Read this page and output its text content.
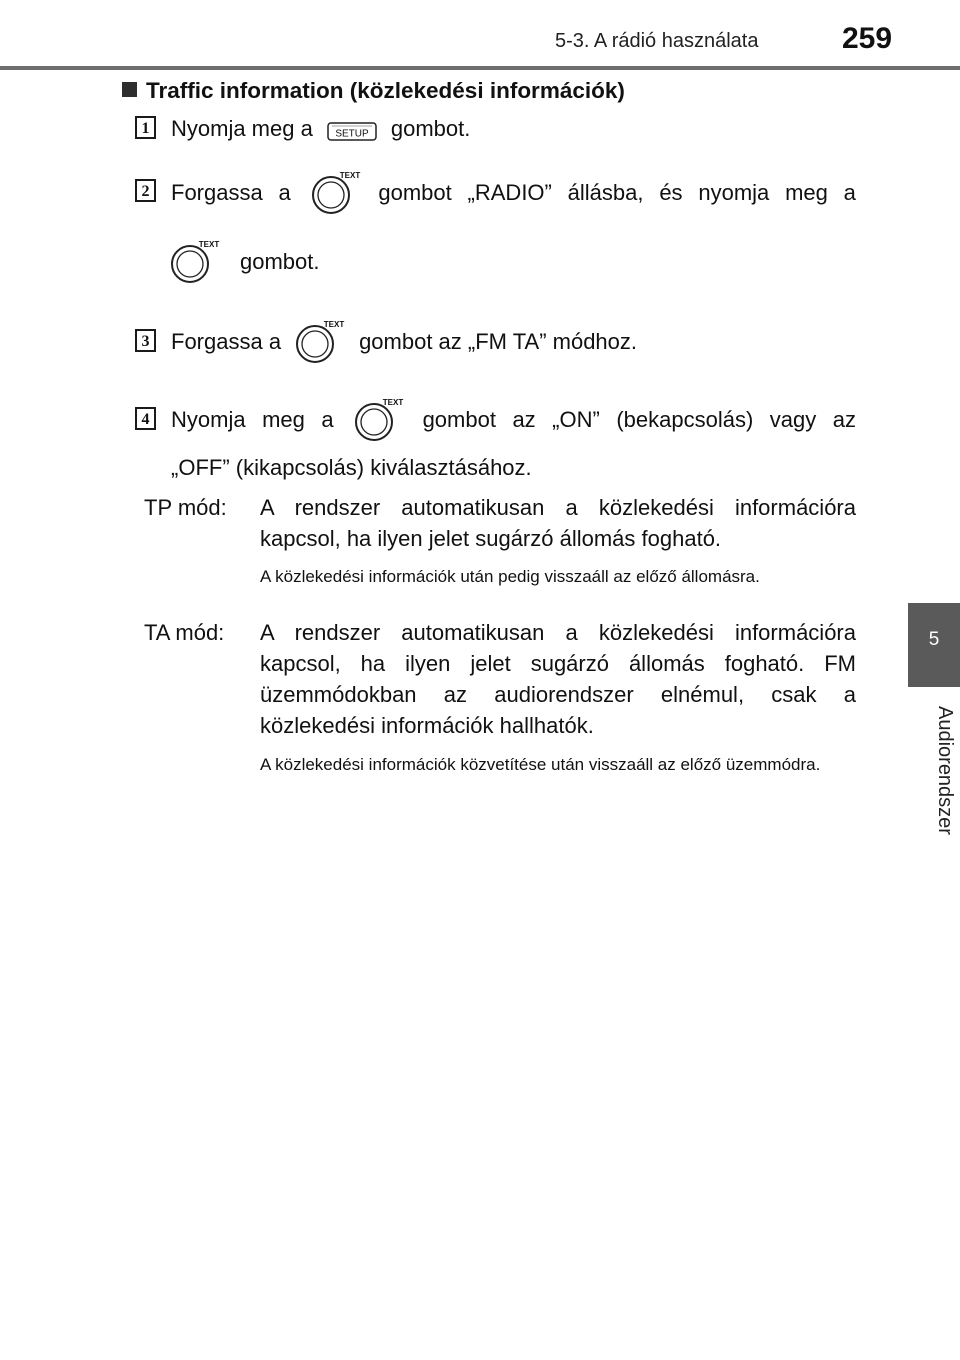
5-3. A rádió használata	259
5
Audiorendszer
Traffic information (közlekedési információk)
1 Nyomja meg a SETUP gombot.
2 Forgassa a
TEXT
gombot „RADIO” állásba, és nyomja meg a
TEXT
gombot.
3 Forgassa a
TEXT
gombot az „FM TA” módhoz.
4 Nyomja meg a
TEXT
gombot az „ON” (bekapcsolás) vagy az
„OFF” (kikapcsolás) kiválasztásához.
TP mód: A rendszer automatikusan a közlekedési információra kapcsol, ha ilyen jelet sugárzó állomás fogható.
A közlekedési információk után pedig visszaáll az előző állomásra.
TA mód: A rendszer automatikusan a közlekedési információra kapcsol, ha ilyen jelet sugárzó állomás fogható. FM üzemmódokban az audiorendszer elnémul, csak a közlekedési információk hallhatók.
A közlekedési információk közvetítése után visszaáll az előző üzemmódra.
